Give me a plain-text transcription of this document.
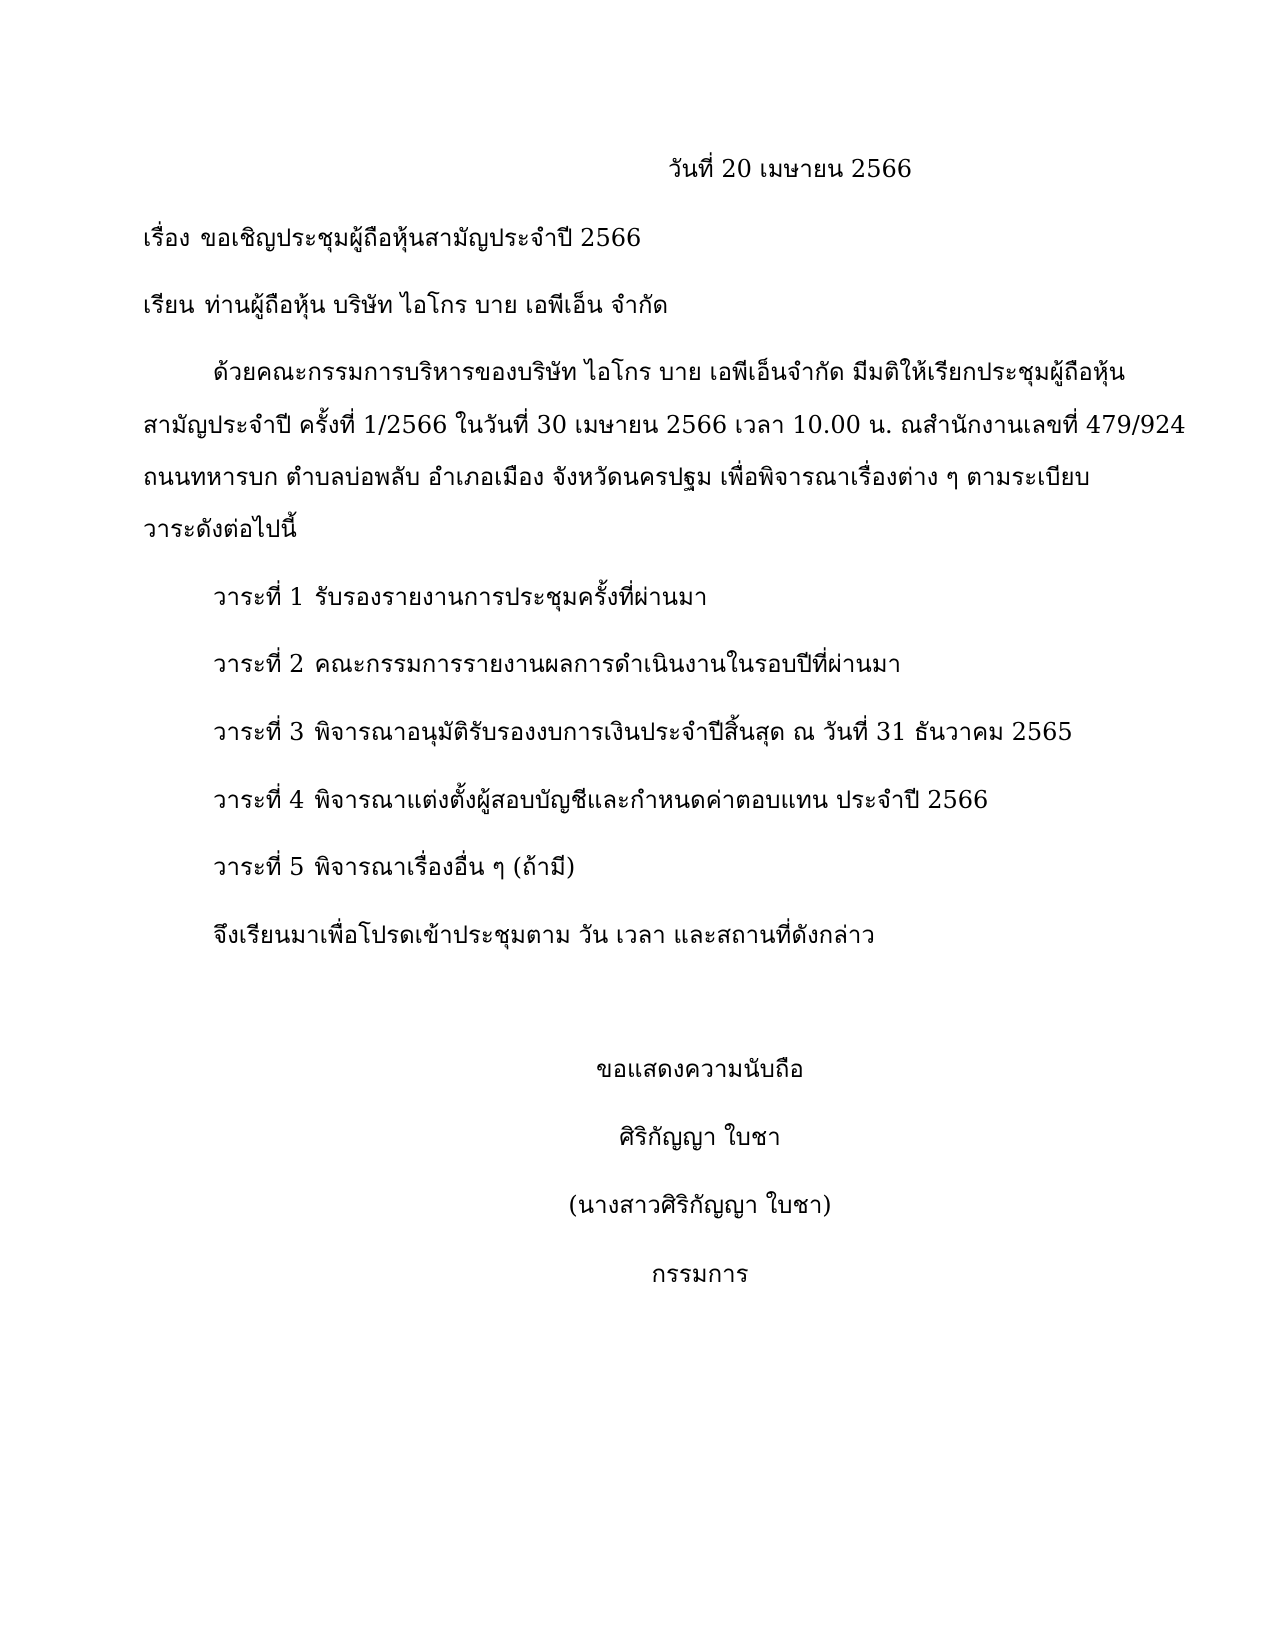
วันที่ 20 เมษายน 2566
เรื่อง ขอเชิญประชุมผู้ถือหุ้นสามัญประจำปี 2566
เรียน ท่านผู้ถือหุ้น บริษัท ไอโกร บาย เอพีเอ็น จำกัด
ด้วยคณะกรรมการบริหารของบริษัท ไอโกร บาย เอพีเอ็นจำกัด มีมติให้เรียกประชุมผู้ถือหุ้น
สามัญประจำปี ครั้งที่ 1/2566 ในวันที่ 30 เมษายน 2566 เวลา 10.00 น. ณสำนักงานเลขที่ 479/924
ถนนทหารบก ตำบลบ่อพลับ อำเภอเมือง จังหวัดนครปฐม เพื่อพิจารณาเรื่องต่าง ๆ ตามระเบียบ
วาระดังต่อไปนี้
วาระที่ 1 รับรองรายงานการประชุมครั้งที่ผ่านมา
วาระที่ 2 คณะกรรมการรายงานผลการดำเนินงานในรอบปีที่ผ่านมา
วาระที่ 3 พิจารณาอนุมัติรับรองงบการเงินประจำปีสิ้นสุด ณ วันที่ 31 ธันวาคม 2565
วาระที่ 4 พิจารณาแต่งตั้งผู้สอบบัญชีและกำหนดค่าตอบแทน ประจำปี 2566
วาระที่ 5 พิจารณาเรื่องอื่น ๆ (ถ้ามี)
จึงเรียนมาเพื่อโปรดเข้าประชุมตาม วัน เวลา และสถานที่ดังกล่าว
ขอแสดงความนับถือ
ศิริกัญญา ใบชา
(นางสาวศิริกัญญา ใบชา)
กรรมการ
